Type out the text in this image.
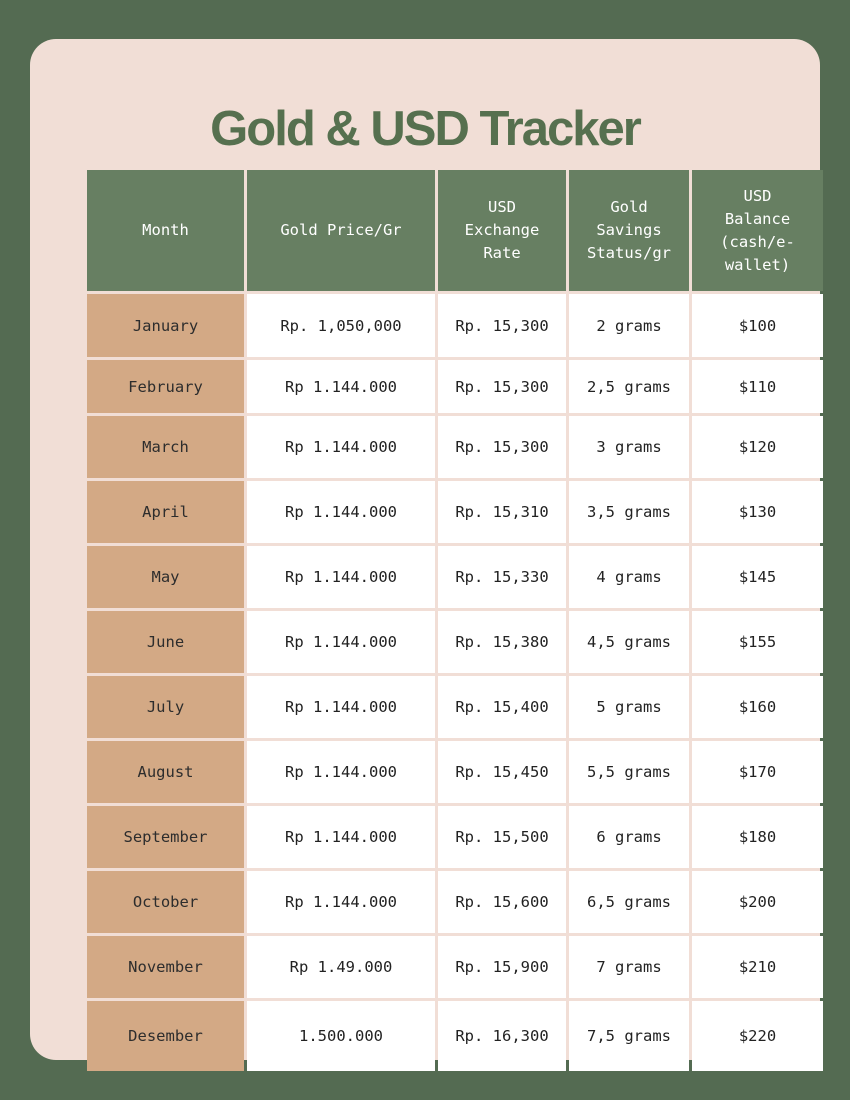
Gold & USD Tracker
Month	Gold Price/Gr	USD Exchange Rate	Gold Savings Status/gr	USD Balance (cash/e-wallet)
January	Rp. 1,050,000	Rp. 15,300	2 grams	$100
February	Rp 1.144.000	Rp. 15,300	2,5 grams	$110
March	Rp 1.144.000	Rp. 15,300	3 grams	$120
April	Rp 1.144.000	Rp. 15,310	3,5 grams	$130
May	Rp 1.144.000	Rp. 15,330	4 grams	$145
June	Rp 1.144.000	Rp. 15,380	4,5 grams	$155
July	Rp 1.144.000	Rp. 15,400	5 grams	$160
August	Rp 1.144.000	Rp. 15,450	5,5 grams	$170
September	Rp 1.144.000	Rp. 15,500	6 grams	$180
October	Rp 1.144.000	Rp. 15,600	6,5 grams	$200
November	Rp 1.49.000	Rp. 15,900	7 grams	$210
Desember	1.500.000	Rp. 16,300	7,5 grams	$220
